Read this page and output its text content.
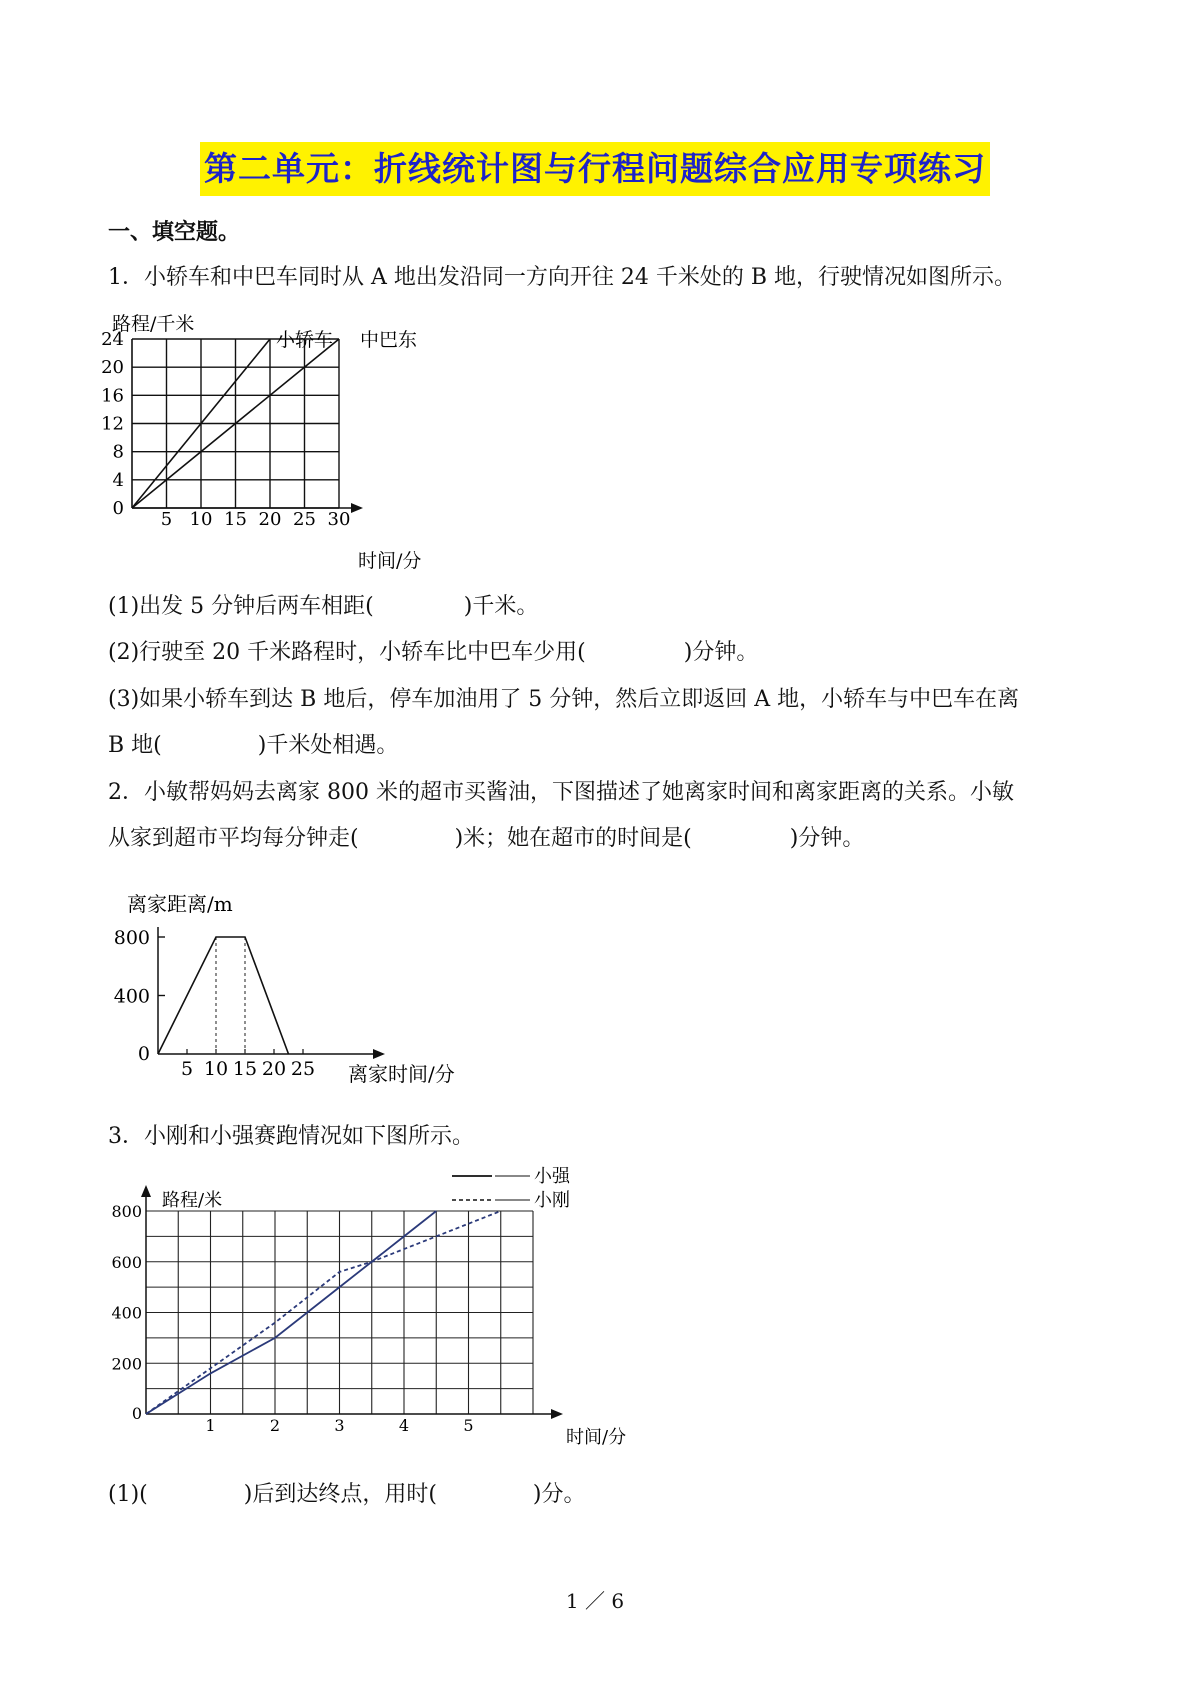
第二单元：折线统计图与行程问题综合应用专项练习
一、填空题。
1．小轿车和中巴车同时从 A 地出发沿同一方向开往 24 千米处的 B 地，行驶情况如图所示。
5 10 15 20 25 30
0
4
8
12
16
20
24
路程/千米
时间/分
小轿车 中巴东
(1)出发 5 分钟后两车相距(	)千米。
(2)行驶至 20 千米路程时，小轿车比中巴车少用(	)分钟。
(3)如果小轿车到达 B 地后，停车加油用了 5 分钟，然后立即返回 A 地，小轿车与中巴车在离
B 地(	)千米处相遇。
2．小敏帮妈妈去离家 800 米的超市买酱油，下图描述了她离家时间和离家距离的关系。小敏
从家到超市平均每分钟走(	)米；她在超市的时间是(	)分钟。
5 10 15 20 25
0
400
800
离家距离/m
离家时间/分
3．小刚和小强赛跑情况如下图所示。
1	2	3	4	5
0
200
400
600
800
路程/米
时间/分
小强
小刚
(1)(	)后到达终点，用时(	)分。
1 ／ 6
